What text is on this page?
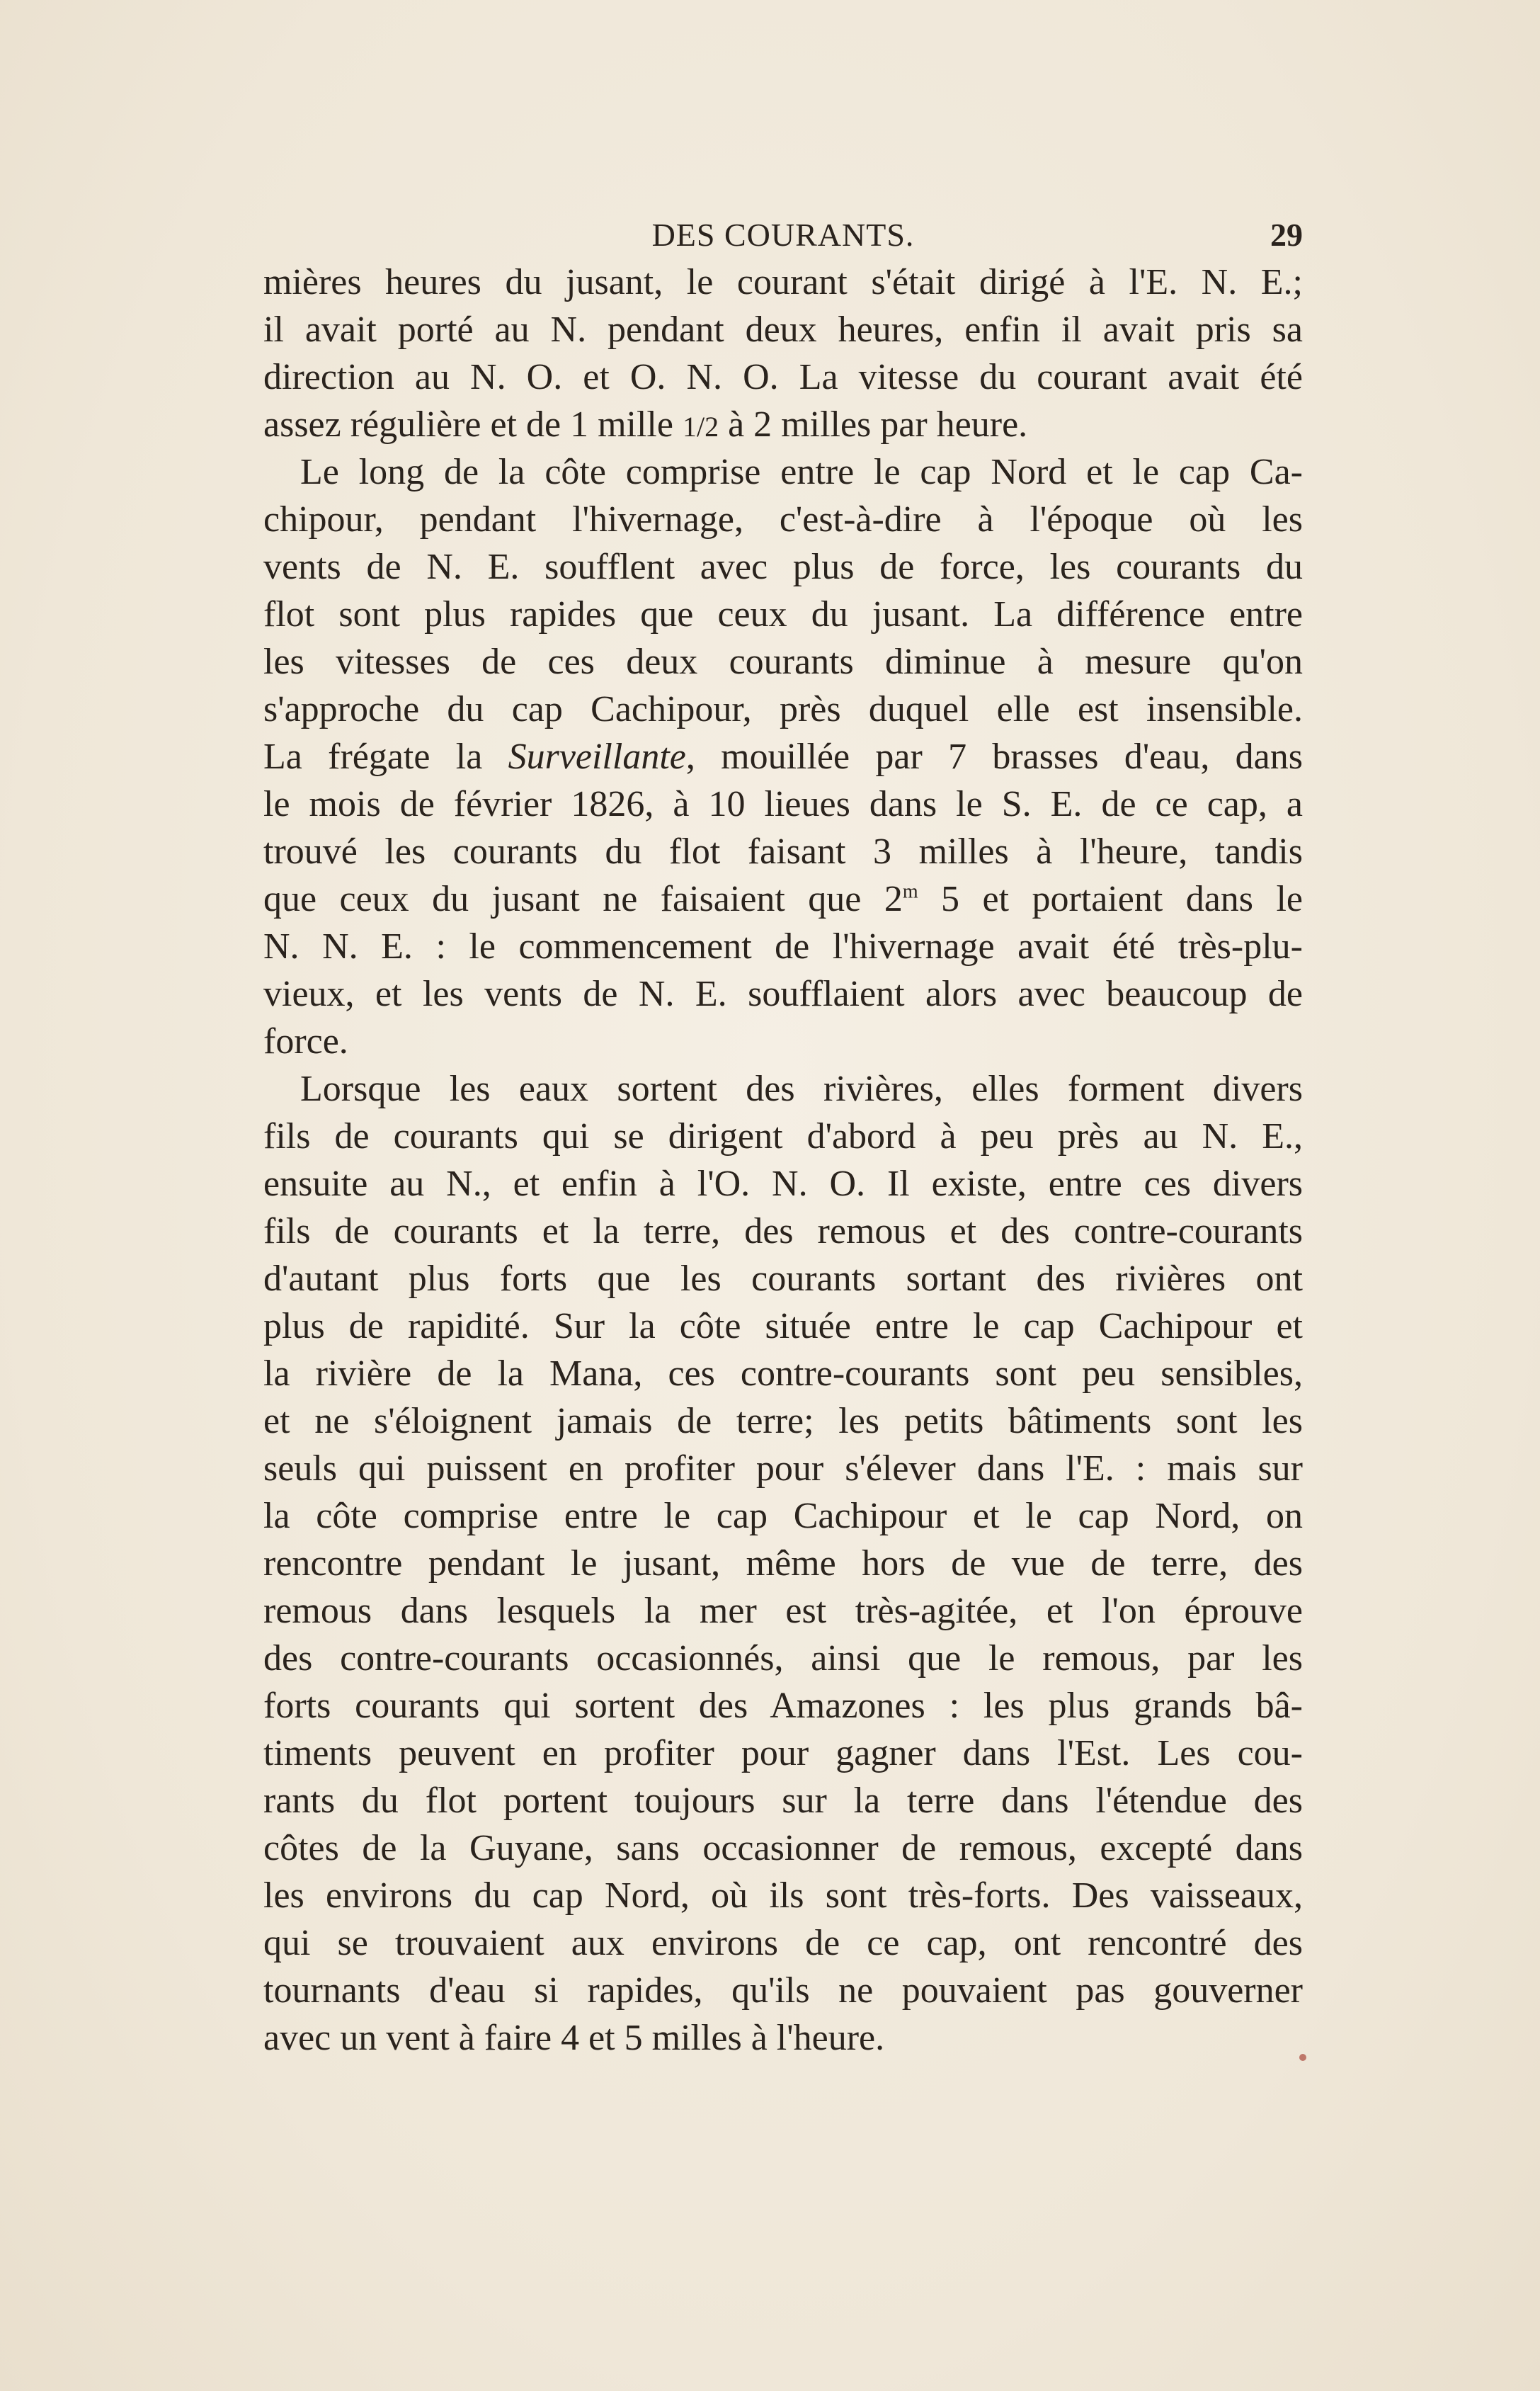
DES COURANTS.	29
mières heures du jusant, le courant s'était dirigé à l'E. N. E.;
il avait porté au N. pendant deux heures, enfin il avait pris sa
direction au N. O. et O. N. O. La vitesse du courant avait été
assez régulière et de 1 mille 1/2 à 2 milles par heure.
Le long de la côte comprise entre le cap Nord et le cap Ca-
chipour, pendant l'hivernage, c'est-à-dire à l'époque où les
vents de N. E. soufflent avec plus de force, les courants du
flot sont plus rapides que ceux du jusant. La différence entre
les vitesses de ces deux courants diminue à mesure qu'on
s'approche du cap Cachipour, près duquel elle est insensible.
La frégate la Surveillante, mouillée par 7 brasses d'eau, dans
le mois de février 1826, à 10 lieues dans le S. E. de ce cap, a
trouvé les courants du flot faisant 3 milles à l'heure, tandis
que ceux du jusant ne faisaient que 2$^m$ 5 et portaient dans le
N. N. E. : le commencement de l'hivernage avait été très-plu-
vieux, et les vents de N. E. soufflaient alors avec beaucoup de
force.
Lorsque les eaux sortent des rivières, elles forment divers
fils de courants qui se dirigent d'abord à peu près au N. E.,
ensuite au N., et enfin à l'O. N. O. Il existe, entre ces divers
fils de courants et la terre, des remous et des contre-courants
d'autant plus forts que les courants sortant des rivières ont
plus de rapidité. Sur la côte située entre le cap Cachipour et
la rivière de la Mana, ces contre-courants sont peu sensibles,
et ne s'éloignent jamais de terre; les petits bâtiments sont les
seuls qui puissent en profiter pour s'élever dans l'E. : mais sur
la côte comprise entre le cap Cachipour et le cap Nord, on
rencontre pendant le jusant, même hors de vue de terre, des
remous dans lesquels la mer est très-agitée, et l'on éprouve
des contre-courants occasionnés, ainsi que le remous, par les
forts courants qui sortent des Amazones : les plus grands bâ-
timents peuvent en profiter pour gagner dans l'Est. Les cou-
rants du flot portent toujours sur la terre dans l'étendue des
côtes de la Guyane, sans occasionner de remous, excepté dans
les environs du cap Nord, où ils sont très-forts. Des vaisseaux,
qui se trouvaient aux environs de ce cap, ont rencontré des
tournants d'eau si rapides, qu'ils ne pouvaient pas gouverner
avec un vent à faire 4 et 5 milles à l'heure.
